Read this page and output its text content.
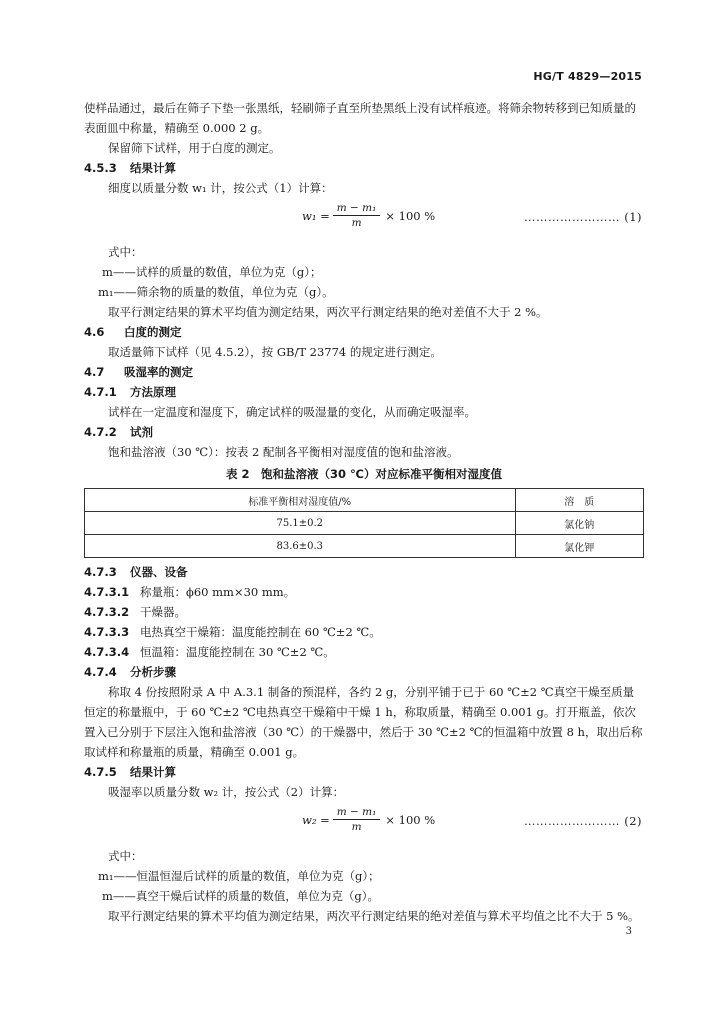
HG/T 4829—2015

使样品通过，最后在筛子下垫一张黑纸，轻刷筛子直至所垫黑纸上没有试样痕迹。将筛余物转移到已知质量的表面皿中称量，精确至 0.000 2 g。

保留筛下试样，用于白度的测定。

4.5.3 结果计算

细度以质量分数 w₁ 计，按公式（1）计算：

$w_1 = \frac{\text{m − m₁}}{m} \times 100$ %	…………………… (1)

式中：

m——试样的质量的数值，单位为克（g）；

m₁——筛余物的质量的数值，单位为克（g）。

取平行测定结果的算术平均值为测定结果，两次平行测定结果的绝对差值不大于 2 %。

4.6 白度的测定

取适量筛下试样（见 4.5.2），按 GB/T 23774 的规定进行测定。

4.7 吸湿率的测定

4.7.1 方法原理

试样在一定温度和湿度下，确定试样的吸湿量的变化，从而确定吸湿率。

4.7.2 试剂

饱和盐溶液（30 ℃）：按表 2 配制各平衡相对湿度值的饱和盐溶液。

表 2　饱和盐溶液（30 ℃）对应标准平衡相对湿度值
标准平衡相对湿度值/%	溶　质
75.1±0.2	氯化钠
83.6±0.3	氯化钾

4.7.3 仪器、设备

4.7.3.1 称量瓶：ϕ60 mm×30 mm。

4.7.3.2 干燥器。

4.7.3.3 电热真空干燥箱：温度能控制在 60 ℃±2 ℃。

4.7.3.4 恒温箱：温度能控制在 30 ℃±2 ℃。

4.7.4 分析步骤

称取 4 份按照附录 A 中 A.3.1 制备的预混样，各约 2 g，分别平铺于已于 60 ℃±2 ℃真空干燥至质量恒定的称量瓶中，于 60 ℃±2 ℃电热真空干燥箱中干燥 1 h，称取质量，精确至 0.001 g。打开瓶盖，依次置入已分别于下层注入饱和盐溶液（30 ℃）的干燥器中，然后于 30 ℃±2 ℃的恒温箱中放置 8 h，取出后称取试样和称量瓶的质量，精确至 0.001 g。

4.7.5 结果计算

吸湿率以质量分数 w₂ 计，按公式（2）计算：

$w_2 = \frac{\text{m − m₁}}{m} \times 100$ %	…………………… (2)

式中：

m₁——恒温恒湿后试样的质量的数值，单位为克（g）；

m——真空干燥后试样的质量的数值，单位为克（g）。

取平行测定结果的算术平均值为测定结果，两次平行测定结果的绝对差值与算术平均值之比不大于 5 %。

3
